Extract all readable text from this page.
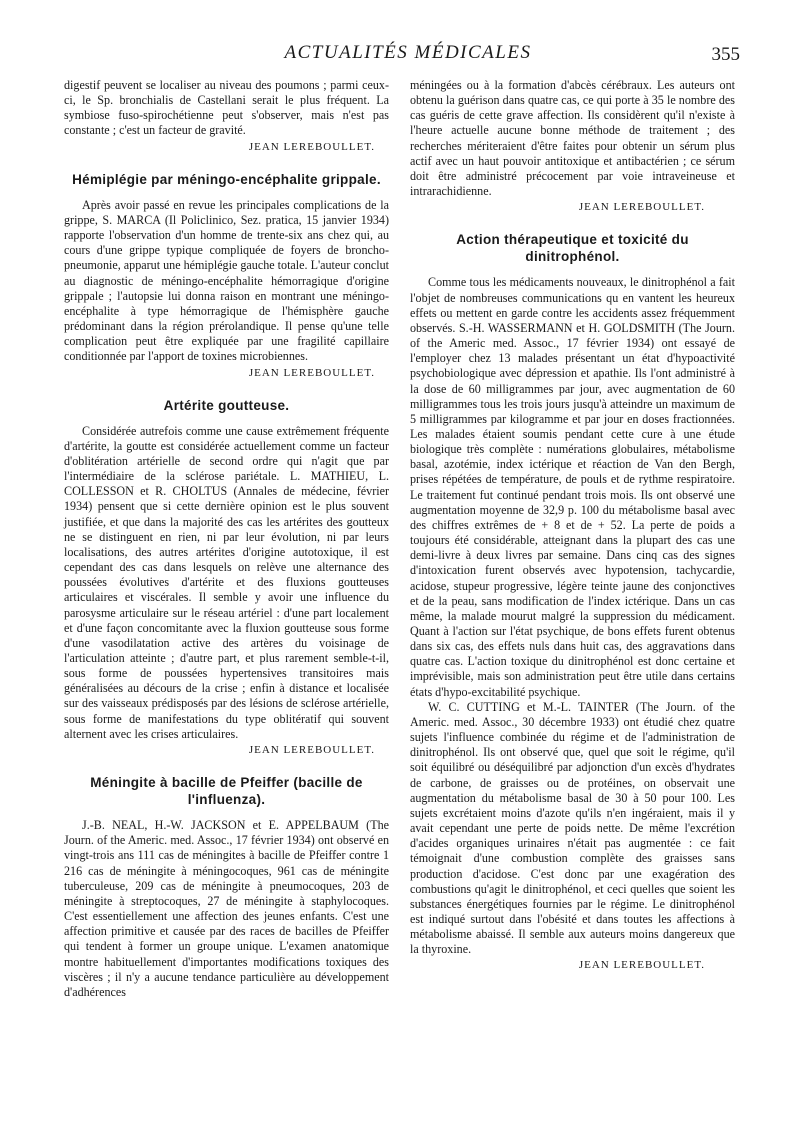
ACTUALITÉS MÉDICALES	355

digestif peuvent se localiser au niveau des poumons ; parmi ceux-ci, le Sp. bronchialis de Castellani serait le plus fréquent. La symbiose fuso-spirochétienne peut s'observer, mais n'est pas constante ; c'est un facteur de gravité.

JEAN LEREBOULLET.
Hémiplégie par méningo-encéphalite grippale.

Après avoir passé en revue les principales complications de la grippe, S. MARCA (Il Policlinico, Sez. pratica, 15 janvier 1934) rapporte l'observation d'un homme de trente-six ans chez qui, au cours d'une grippe typique compliquée de foyers de broncho-pneumonie, apparut une hémiplégie gauche totale. L'auteur conclut au diagnostic de méningo-encéphalite hémorragique d'origine grippale ; l'autopsie lui donna raison en montrant une méningo-encéphalite à type hémorragique de l'hémisphère gauche prédominant dans la région prérolandique. Il pense qu'une telle complication peut être expliquée par une fragilité capillaire conditionnée par l'apport de toxines microbiennes.

JEAN LEREBOULLET.
Artérite goutteuse.

Considérée autrefois comme une cause extrêmement fréquente d'artérite, la goutte est considérée actuellement comme un facteur d'oblitération artérielle de second ordre qui n'agit que par l'intermédiaire de la sclérose pariétale. L. MATHIEU, L. COLLESSON et R. CHOLTUS (Annales de médecine, février 1934) pensent que si cette dernière opinion est le plus souvent justifiée, et que dans la majorité des cas les artérites des goutteux ne se distinguent en rien, ni par leur évolution, ni par leurs localisations, des autres artérites d'origine autotoxique, il est cependant des cas dans lesquels on relève une alternance des poussées évolutives d'artérite et des fluxions goutteuses articulaires et viscérales. Il semble y avoir une influence du parosysme articulaire sur le réseau artériel : d'une part localement et d'une façon concomitante avec la fluxion goutteuse sous forme d'une vasodilatation active des artères du voisinage de l'articulation atteinte ; d'autre part, et plus rarement semble-t-il, sous forme de poussées hypertensives transitoires mais généralisées au décours de la crise ; enfin à distance et localisée sur des vaisseaux prédisposés par des lésions de sclérose artérielle, sous forme de manifestations du type oblitératif qui souvent alternent avec les crises articulaires.

JEAN LEREBOULLET.
Méningite à bacille de Pfeiffer (bacille de l'influenza).

J.-B. NEAL, H.-W. JACKSON et E. APPELBAUM (The Journ. of the Americ. med. Assoc., 17 février 1934) ont observé en vingt-trois ans 111 cas de méningites à bacille de Pfeiffer contre 1 216 cas de méningite à méningocoques, 961 cas de méningite tuberculeuse, 209 cas de méningite à pneumocoques, 203 de méningite à streptocoques, 27 de méningite à staphylocoques. C'est essentiellement une affection des jeunes enfants. C'est une affection primitive et causée par des races de bacilles de Pfeiffer qui tendent à former un groupe unique. L'examen anatomique montre habituellement d'importantes modifications toxiques des viscères ; il n'y a aucune tendance particulière au développement d'adhérences

méningées ou à la formation d'abcès cérébraux. Les auteurs ont obtenu la guérison dans quatre cas, ce qui porte à 35 le nombre des cas guéris de cette grave affection. Ils considèrent qu'il n'existe à l'heure actuelle aucune bonne méthode de traitement ; des recherches mériteraient d'être faites pour obtenir un sérum plus actif avec un haut pouvoir antitoxique et antibactérien ; ce sérum doit être administré précocement par voie intraveineuse et intrarachidienne.

JEAN LEREBOULLET.
Action thérapeutique et toxicité du dinitrophénol.

Comme tous les médicaments nouveaux, le dinitrophénol a fait l'objet de nombreuses communications qu en vantent les heureux effets ou mettent en garde contre les accidents assez fréquemment observés. S.-H. WASSERMANN et H. GOLDSMITH (The Journ. of the Americ med. Assoc., 17 février 1934) ont essayé de l'employer chez 13 malades présentant un état d'hypoactivité psychobiologique avec dépression et apathie. Ils l'ont administré à la dose de 60 milligrammes par jour, avec augmentation de 60 milligrammes tous les trois jours jusqu'à atteindre un maximum de 5 milligrammes par kilogramme et par jour en doses fractionnées. Les malades étaient soumis pendant cette cure à une étude biologique très complète : numérations globulaires, métabolisme basal, azotémie, index ictérique et réaction de Van den Bergh, prises répétées de température, de pouls et de rythme respiratoire. Le traitement fut continué pendant trois mois. Ils ont observé une augmentation moyenne de 32,9 p. 100 du métabolisme basal avec des chiffres extrêmes de + 8 et de + 52. La perte de poids a toujours été considérable, atteignant dans la plupart des cas une demi-livre à deux livres par semaine. Dans cinq cas des signes d'intoxication furent observés avec hypotension, tachycardie, acidose, stupeur progressive, légère teinte jaune des conjonctives et de la peau, sans modification de l'index ictérique. Dans un cas même, la malade mourut malgré la suppression du médicament. Quant à l'action sur l'état psychique, de bons effets furent obtenus dans six cas, des effets nuls dans huit cas, des aggravations dans quatre cas. L'action toxique du dinitrophénol est donc certaine et imprévisible, mais son administration peut être utile dans certains états d'hypo-excitabilité psychique.

W. C. CUTTING et M.-L. TAINTER (The Journ. of the Americ. med. Assoc., 30 décembre 1933) ont étudié chez quatre sujets l'influence combinée du régime et de l'administration de dinitrophénol. Ils ont observé que, quel que soit le régime, qu'il soit équilibré ou déséquilibré par adjonction d'un excès d'hydrates de carbone, de graisses ou de protéines, on observait une augmentation du métabolisme basal de 30 à 50 pour 100. Les sujets excrétaient moins d'azote qu'ils n'en ingéraient, mais il y avait cependant une perte de poids nette. De même l'excrétion d'acides organiques urinaires n'était pas augmentée : ce fait témoignait d'une combustion complète des graisses sans production d'acidose. C'est donc par une exagération des combustions qu'agit le dinitrophénol, et ceci quelles que soient les substances énergétiques fournies par le régime. Le dinitrophénol est indiqué surtout dans l'obésité et dans toutes les affections à métabolisme abaissé. Il semble aux auteurs moins dangereux que la thyroxine.

JEAN LEREBOULLET.
